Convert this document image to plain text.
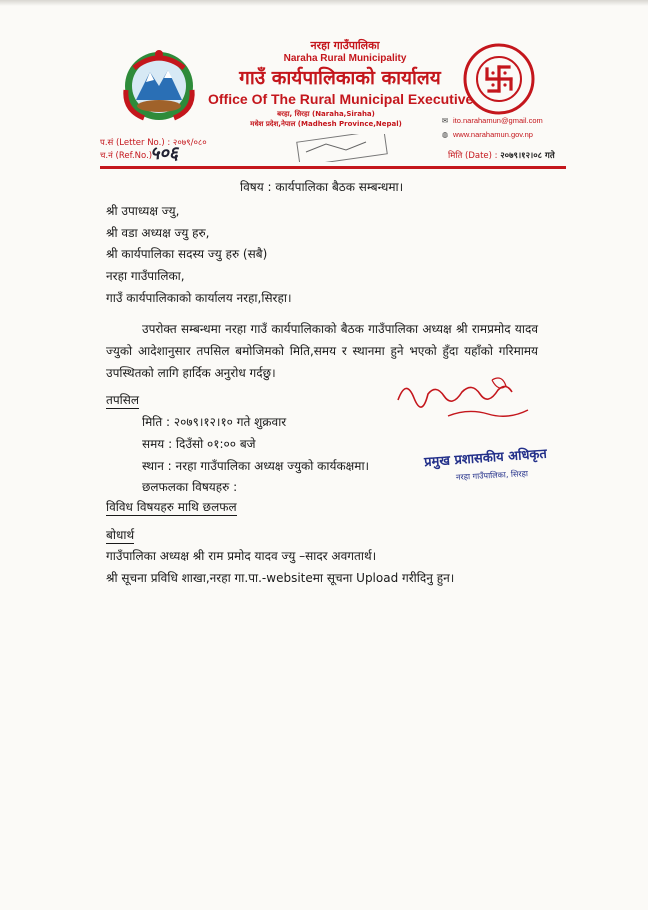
नरहा गाउँपालिका
Naraha Rural Municipality
गाउँ कार्यपालिकाको कार्यालय
Office Of The Rural Municipal Executive
बरहा, सिरहा (Naraha,Siraha)
मधेश प्रदेश,नेपाल (Madhesh Province,Nepal)	✉ ito.narahamun@gmail.com
◍ www.narahamun.gov.np
प.सं (Letter No.) : २०७९/०८०
च.नं (Ref.No.)
५०६	मिति (Date) : २०७९।१२।०८ गते
विषय : कार्यपालिका बैठक सम्बन्धमा।
श्री उपाध्यक्ष ज्यु,
श्री वडा अध्यक्ष ज्यु हरु,
श्री कार्यपालिका सदस्य ज्यु हरु (सबै)
नरहा गाउँपालिका,
गाउँ कार्यपालिकाको कार्यालय नरहा,सिरहा।
उपरोक्त सम्बन्धमा नरहा गाउँ कार्यपालिकाको बैठक गाउँपालिका अध्यक्ष श्री रामप्रमोद यादव ज्युको आदेशानुसार तपसिल बमोजिमको मिति,समय र स्थानमा हुने भएको हुँदा यहाँको गरिमामय उपस्थितको लागि हार्दिक अनुरोध गर्दछु।
तपसिल
मिति : २०७९।१२।१० गते शुक्रवार
समय : दिउँसो ०१:०० बजे
स्थान : नरहा गाउँपालिका अध्यक्ष ज्युको कार्यकक्षमा।
छलफलका विषयहरु :
विविध विषयहरु माथि छलफल
बोधार्थ
गाउँपालिका अध्यक्ष श्री राम प्रमोद यादव ज्यु –सादर अवगतार्थ।
श्री सूचना प्रविधि शाखा,नरहा गा.पा.-websiteमा सूचना Upload गरीदिनु हुन।
प्रमुख प्रशासकीय अधिकृत
नरहा गाउँपालिका, सिरहा
